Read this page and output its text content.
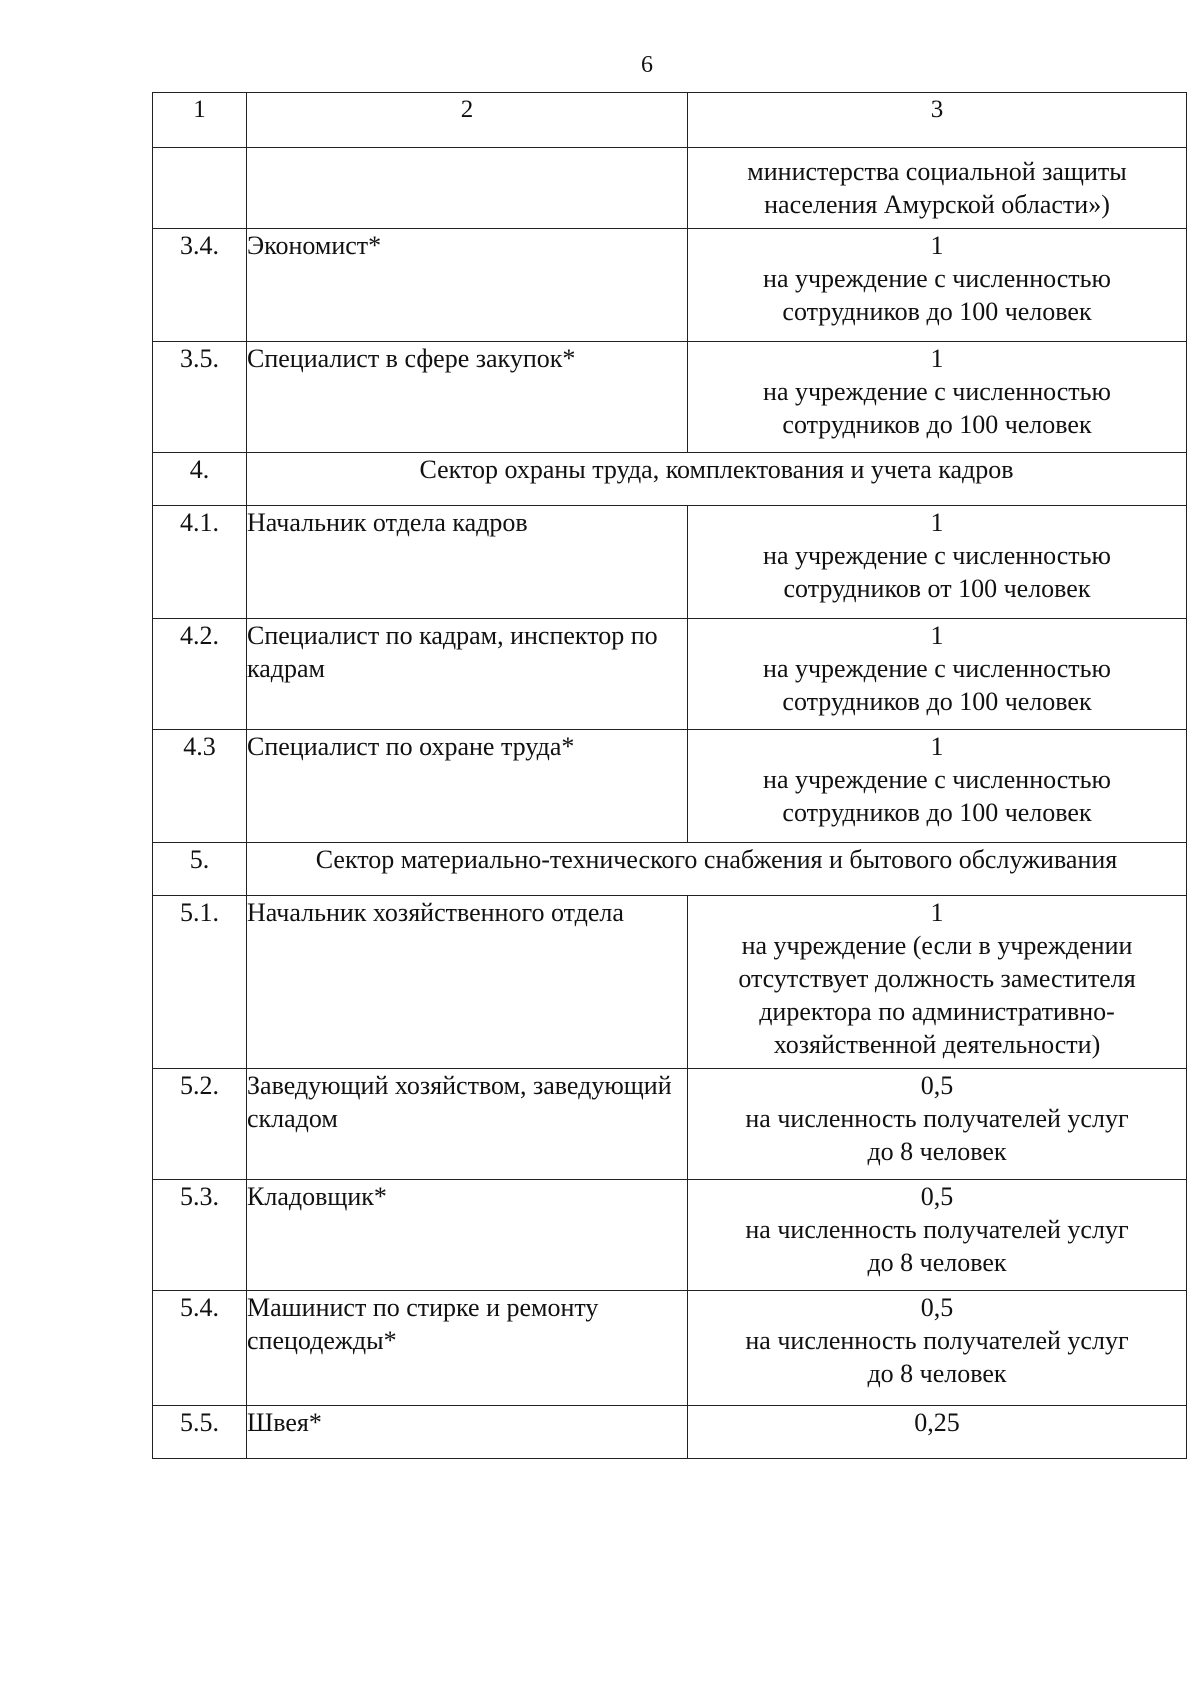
6
1	2	3

		министерства социальной защиты
населения Амурской области»)

3.4.	Экономист*	1
на учреждение с численностью
сотрудников до 100 человек

3.5.	Специалист в сфере закупок*	1
на учреждение с численностью
сотрудников до 100 человек

4.	Сектор охраны труда, комплектования и учета кадров	
4.1.	Начальник отдела кадров	1
на учреждение с численностью
сотрудников от 100 человек

4.2.	Специалист по кадрам, инспектор по кадрам	1
на учреждение с численностью
сотрудников до 100 человек

4.3	Специалист по охране труда*	1
на учреждение с численностью
сотрудников до 100 человек

5.	Сектор материально-технического снабжения и бытового обслуживания	
5.1.	Начальник хозяйственного отдела	1
на учреждение (если в учреждении
отсутствует должность заместителя
директора по административно-
хозяйственной деятельности)

5.2.	Заведующий хозяйством, заведующий складом	0,5
на численность получателей услуг
до 8 человек

5.3.	Кладовщик*	0,5
на численность получателей услуг
до 8 человек

5.4.	Машинист по стирке и ремонту спецодежды*	0,5
на численность получателей услуг
до 8 человек

5.5.	Швея*	0,25
